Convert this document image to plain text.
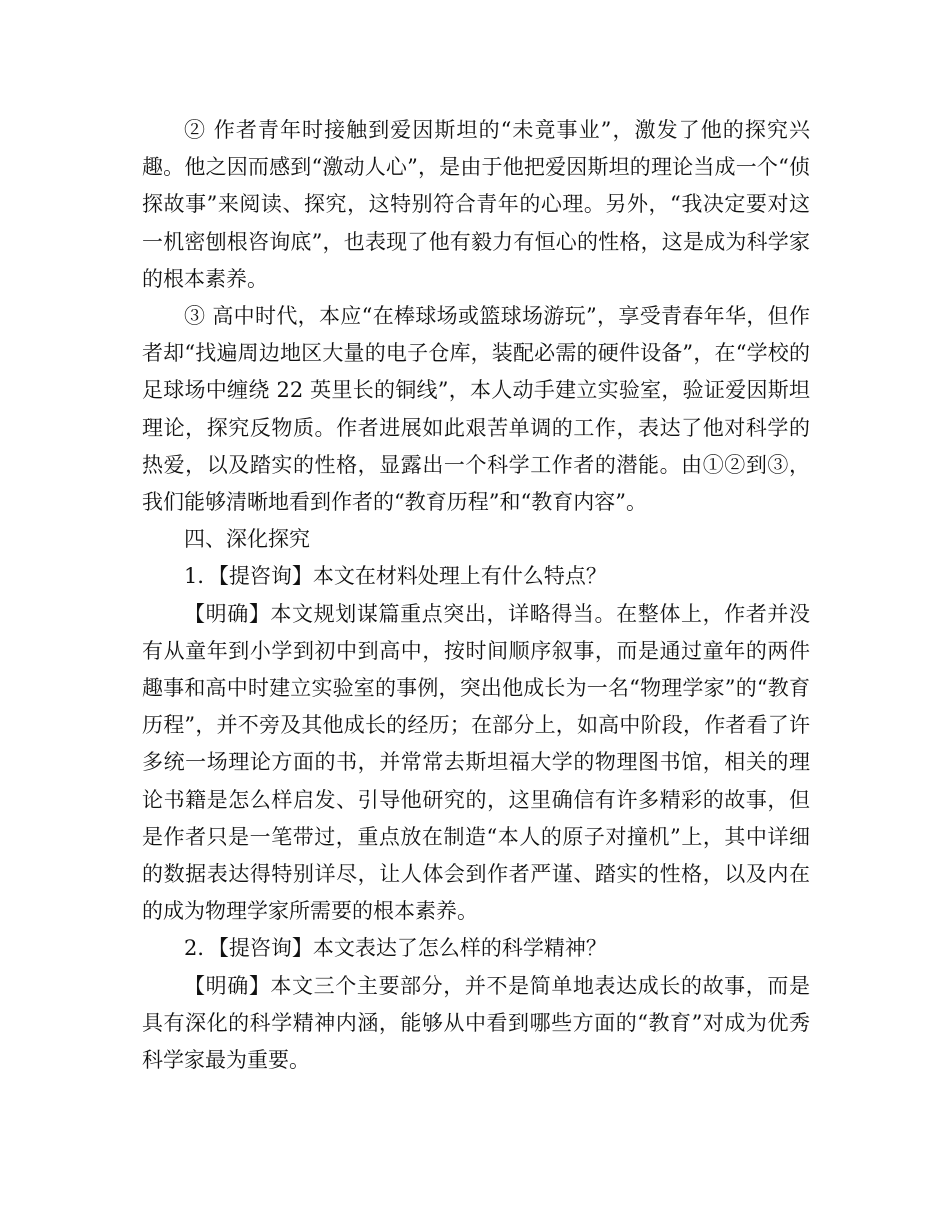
② 作者青年时接触到爱因斯坦的“未竟事业”，激发了他的探究兴趣。他之因而感到“激动人心”，是由于他把爱因斯坦的理论当成一个“侦探故事”来阅读、探究，这特别符合青年的心理。另外，“我决定要对这一机密刨根咨询底”，也表现了他有毅力有恒心的性格，这是成为科学家的根本素养。

③ 高中时代，本应“在棒球场或篮球场游玩”，享受青春年华，但作者却“找遍周边地区大量的电子仓库，装配必需的硬件设备”，在“学校的足球场中缠绕 22 英里长的铜线”，本人动手建立实验室，验证爱因斯坦理论，探究反物质。作者进展如此艰苦单调的工作，表达了他对科学的热爱，以及踏实的性格，显露出一个科学工作者的潜能。由①②到③，我们能够清晰地看到作者的“教育历程”和“教育内容”。

四、深化探究

1．【提咨询】本文在材料处理上有什么特点？

【明确】本文规划谋篇重点突出，详略得当。在整体上，作者并没有从童年到小学到初中到高中，按时间顺序叙事，而是通过童年的两件趣事和高中时建立实验室的事例，突出他成长为一名“物理学家”的“教育历程”，并不旁及其他成长的经历；在部分上，如高中阶段，作者看了许多统一场理论方面的书，并常常去斯坦福大学的物理图书馆，相关的理论书籍是怎么样启发、引导他研究的，这里确信有许多精彩的故事，但是作者只是一笔带过，重点放在制造“本人的原子对撞机”上，其中详细的数据表达得特别详尽，让人体会到作者严谨、踏实的性格，以及内在的成为物理学家所需要的根本素养。

2．【提咨询】本文表达了怎么样的科学精神？

【明确】本文三个主要部分，并不是简单地表达成长的故事，而是具有深化的科学精神内涵，能够从中看到哪些方面的“教育”对成为优秀科学家最为重要。
